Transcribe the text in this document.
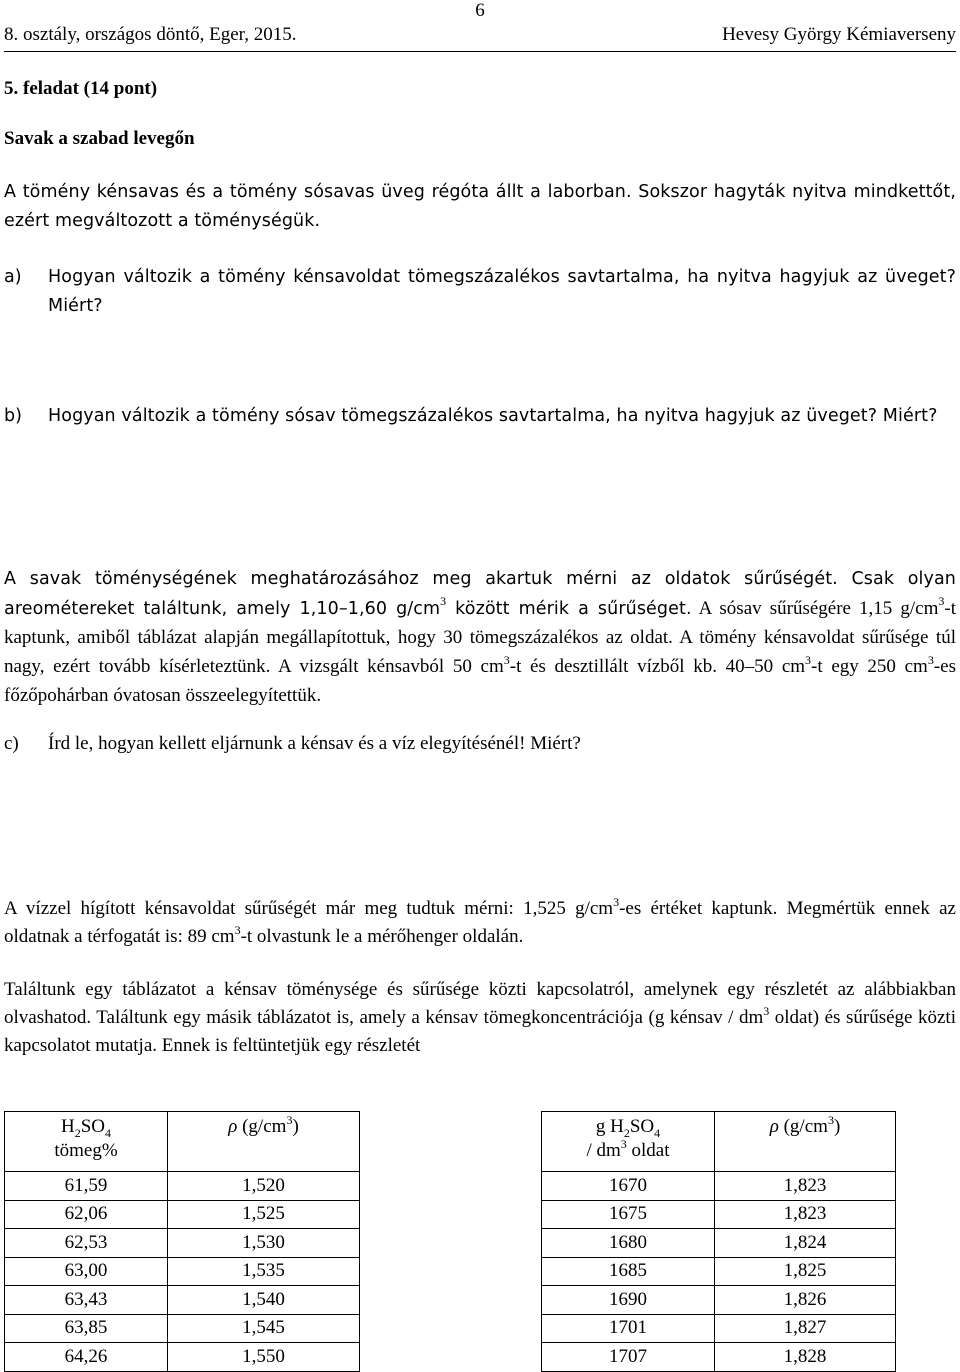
6
8. osztály, országos döntő, Eger, 2015.	Hevesy György Kémiaverseny
5. feladat (14 pont)
Savak a szabad levegőn
A tömény kénsavas és a tömény sósavas üveg régóta állt a laborban. Sokszor hagyták nyitva mindkettőt, ezért megváltozott a töménységük.
a) Hogyan változik a tömény kénsavoldat tömegszázalékos savtartalma, ha nyitva hagyjuk az üveget? Miért?
b) Hogyan változik a tömény sósav tömegszázalékos savtartalma, ha nyitva hagyjuk az üveget? Miért?
A savak töménységének meghatározásához meg akartuk mérni az oldatok sűrűségét. Csak olyan areométereket találtunk, amely 1,10–1,60 $g/cm^3$ között mérik a sűrűséget. A sósav sűrűségére 1,15 $g/cm^3-t$ kaptunk, amiből táblázat alapján megállapítottuk, hogy 30 tömegszázalékos az oldat. A tömény kénsavoldat sűrűsége túl nagy, ezért tovább kísérleteztünk. A vizsgált kénsavból 50 $cm^3-t$ és desztillált vízből kb. 40–50 $cm^3-t$ egy 250 $cm^3-es$ főzőpohárban óvatosan összeelegyítettük.
c) Írd le, hogyan kellett eljárnunk a kénsav és a víz elegyítésénél! Miért?
A vízzel hígított kénsavoldat sűrűségét már meg tudtuk mérni: 1,525 $g/cm^3-es$ értéket kaptunk. Megmértük ennek az oldatnak a térfogatát is: 89 $cm^3-t$ olvastunk le a mérőhenger oldalán.
Találtunk egy táblázatot a kénsav töménysége és sűrűsége közti kapcsolatról, amelynek egy részletét az alábbiakban olvashatod. Találtunk egy másik táblázatot is, amely a kénsav tömegkoncentrációja (g kénsav / $dm^3$ oldat) és sűrűsége közti kapcsolatot mutatja. Ennek is feltüntetjük egy részletét
$H_2SO_4$
tömeg%	ρ $(g/cm^3)$
61,59	1,520
62,06	1,525
62,53	1,530
63,00	1,535
63,43	1,540
63,85	1,545
64,26	1,550
g $H_2SO_4$
/ $dm^3$ oldat	ρ $(g/cm^3)$
1670	1,823
1675	1,823
1680	1,824
1685	1,825
1690	1,826
1701	1,827
1707	1,828
